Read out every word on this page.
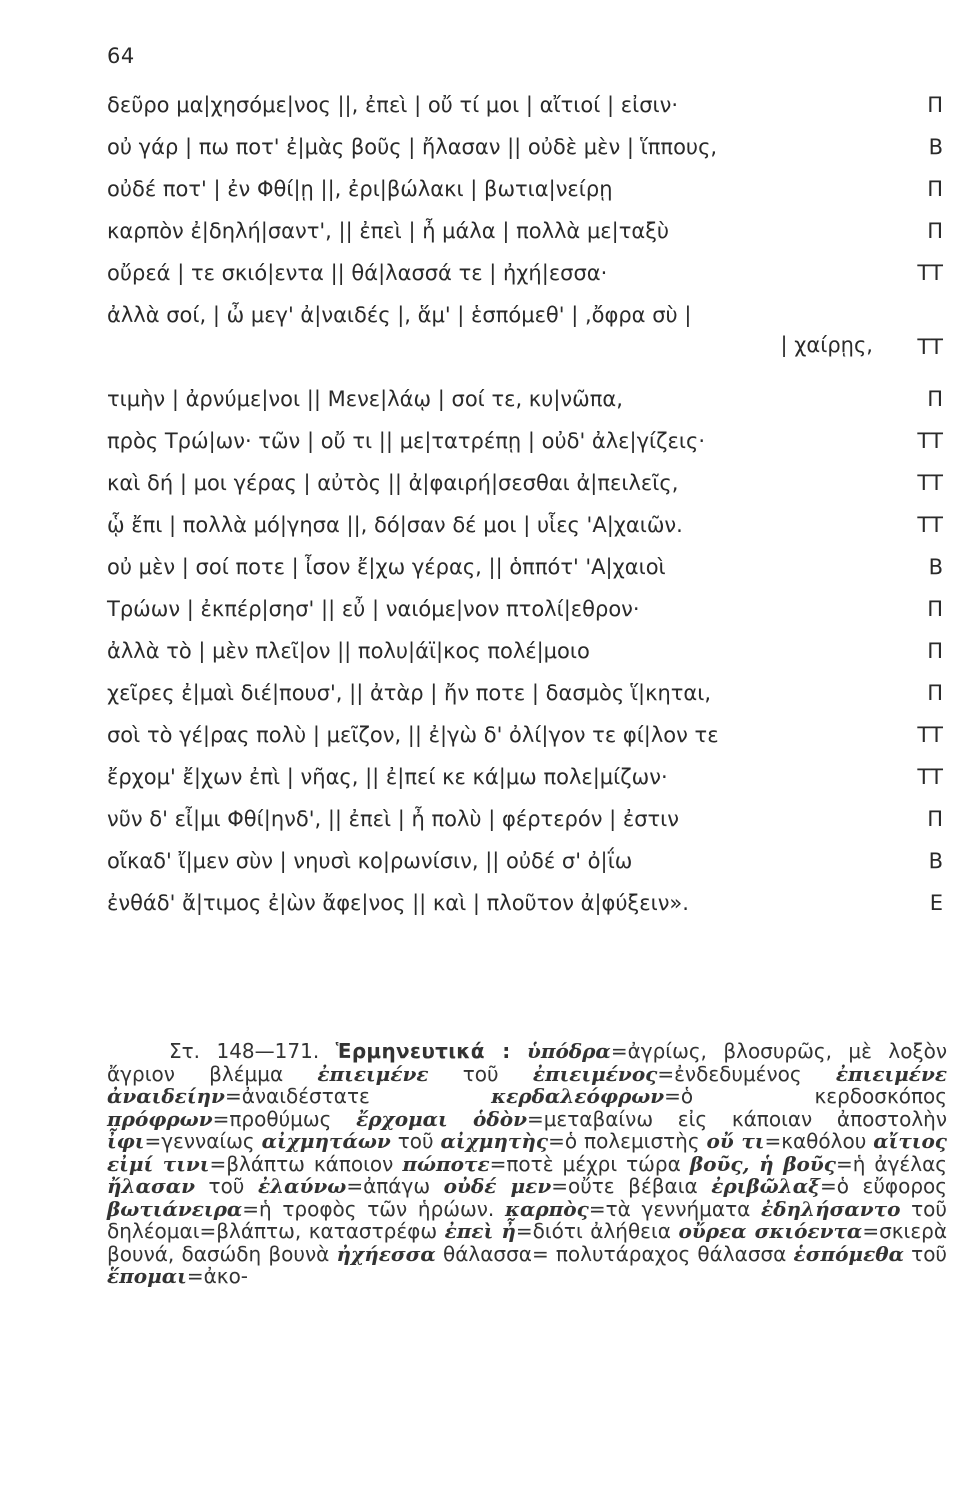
64
δεῦρο μα|χησόμε|νος ||, ἐπεὶ | οὔ τί μοι | αἴτιοί | εἰσιν·	Π
οὐ γάρ | πω ποτ' ἐ|μὰς βοῦς | ἤλασαν || οὐδὲ μὲν | ἵππους,	Β
οὐδέ ποτ' | ἐν Φθί|ῃ ||, ἐρι|βώλακι | βωτια|νείρῃ	Π
καρπὸν ἐ|δηλή|σαντ', || ἐπεὶ | ἦ μάλα | πολλὰ με|ταξὺ	Π
οὔρεά | τε σκιό|εντα || θά|λασσά τε | ἠχή|εσσα·	ΤΤ
ἀλλὰ σοί, | ὦ μεγ' ἀ|ναιδές |, ἅμ' | ἑσπόμεθ' | ,ὄφρα σὺ |
| χαίρῃς,	ΤΤ
τιμὴν | ἀρνύμε|νοι || Μενε|λάῳ | σοί τε, κυ|νῶπα,	Π
πρὸς Τρώ|ων· τῶν | οὔ τι || με|τατρέπῃ | οὐδ' ἀλε|γίζεις·	ΤΤ
καὶ δή | μοι γέρας | αὐτὸς || ἀ|φαιρή|σεσθαι ἀ|πειλεῖς,	ΤΤ
ᾧ ἔπι | πολλὰ μό|γησα ||, δό|σαν δέ μοι | υἷες 'Α|χαιῶν.	ΤΤ
οὐ μὲν | σοί ποτε | ἶσον ἔ|χω γέρας, || ὁππότ' 'Α|χαιοὶ	Β
Τρώων | ἐκπέρ|σησ' || εὖ | ναιόμε|νον πτολί|εθρον·	Π
ἀλλὰ τὸ | μὲν πλεῖ|ον || πολυ|άϊ|κος πολέ|μοιο	Π
χεῖρες ἐ|μαὶ διέ|πουσ', || ἀτὰρ | ἤν ποτε | δασμὸς ἵ|κηται,	Π
σοὶ τὸ γέ|ρας πολὺ | μεῖζον, || ἐ|γὼ δ' ὀλί|γον τε φί|λον τε	ΤΤ
ἔρχομ' ἔ|χων ἐπὶ | νῆας, || ἐ|πεί κε κά|μω πολε|μίζων·	ΤΤ
νῦν δ' εἶ|μι Φθί|ηνδ', || ἐπεὶ | ἦ πολὺ | φέρτερόν | ἐστιν	Π
οἴκαδ' ἴ|μεν σὺν | νηυσὶ κο|ρωνίσιν, || οὐδέ σ' ὀ|ΐω	Β
ἐνθάδ' ἄ|τιμος ἐ|ὼν ἄφε|νος || καὶ | πλοῦτον ἀ|φύξειν».	Ε
Στ. 148—171. Ἑρμηνευτικά : ὑπόδρα=ἀγρίως, βλοσυρῶς, μὲ λοξὸν ἄγριον βλέμμα ἐπιειμένε τοῦ ἐπιειμένος=ἐνδεδυμένος ἐπιειμένε ἀναιδείην=ἀναιδέστατε κερδαλεόφρων=ὁ κερδοσκόπος πρόφρων=προθύμως ἔρχομαι ὁδὸν=μεταβαίνω εἰς κάποιαν ἀποστολὴν ἶφι=γενναίως αἰχμητάων τοῦ αἰχμητὴς=ὁ πολεμιστὴς οὔ τι=καθόλου αἴτιος εἰμί τινι=βλάπτω κάποιον πώποτε=ποτὲ μέχρι τώρα βοῦς, ἡ βοῦς=ἡ ἀγέλας ἤλασαν τοῦ ἐλαύνω=ἀπάγω οὐδέ μεν=οὔτε βέβαια ἐριβῶλαξ=ὁ εὔφορος βωτιάνειρα=ἡ τροφὸς τῶν ἡρώων. καρπὸς=τὰ γεννήματα ἐδηλήσαντο τοῦ δηλέομαι=βλάπτω, καταστρέφω ἐπεὶ ἦ=διότι ἀλήθεια οὔρεα σκιόεντα=σκιερὰ βουνά, δασώδη βουνὰ ἠχήεσσα θάλασσα= πολυτάραχος θάλασσα ἑσπόμεθα τοῦ ἕπομαι=ἀκο-
